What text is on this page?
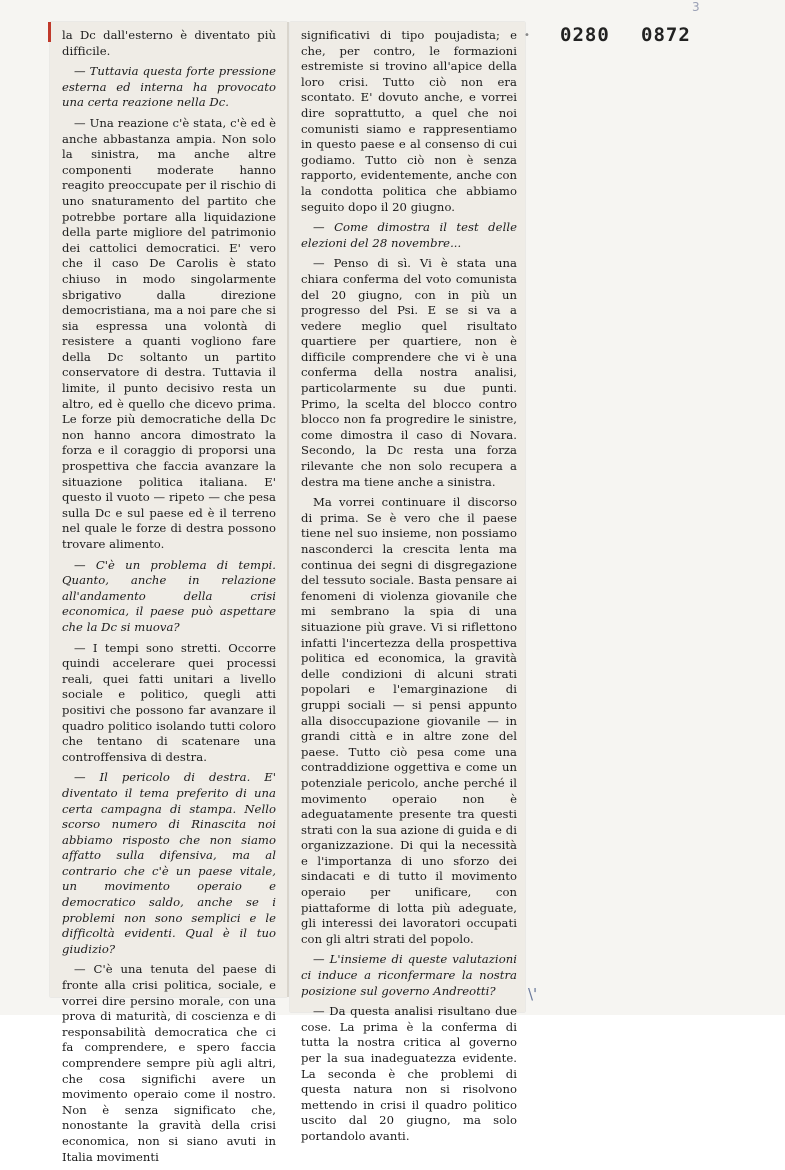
la Dc dall'esterno è diventato più difficile.

— Tuttavia questa forte pressione esterna ed interna ha provocato una certa reazione nella Dc.

— Una reazione c'è stata, c'è ed è anche abbastanza ampia. Non solo la sinistra, ma anche altre componenti moderate hanno reagito preoccupate per il rischio di uno snaturamento del partito che potrebbe portare alla liquidazione della parte migliore del patrimonio dei cattolici democratici. E' vero che il caso De Carolis è stato chiuso in modo singolarmente sbrigativo dalla direzione democristiana, ma a noi pare che si sia espressa una volontà di resistere a quanti vogliono fare della Dc soltanto un partito conservatore di destra. Tuttavia il limite, il punto decisivo resta un altro, ed è quello che dicevo prima. Le forze più democratiche della Dc non hanno ancora dimostrato la forza e il coraggio di proporsi una prospettiva che faccia avanzare la situazione politica italiana. E' questo il vuoto — ripeto — che pesa sulla Dc e sul paese ed è il terreno nel quale le forze di destra possono trovare alimento.

— C'è un problema di tempi. Quanto, anche in relazione all'andamento della crisi economica, il paese può aspettare che la Dc si muova?

— I tempi sono stretti. Occorre quindi accelerare quei processi reali, quei fatti unitari a livello sociale e politico, quegli atti positivi che possono far avanzare il quadro politico isolando tutti coloro che tentano di scatenare una controffensiva di destra.

— Il pericolo di destra. E' diventato il tema preferito di una certa campagna di stampa. Nello scorso numero di Rinascita noi abbiamo risposto che non siamo affatto sulla difensiva, ma al contrario che c'è un paese vitale, un movimento operaio e democratico saldo, anche se i problemi non sono semplici e le difficoltà evidenti. Qual è il tuo giudizio?

— C'è una tenuta del paese di fronte alla crisi politica, sociale, e vorrei dire persino morale, con una prova di maturità, di coscienza e di responsabilità democratica che ci fa comprendere, e spero faccia comprendere sempre più agli altri, che cosa significhi avere un movimento operaio come il nostro. Non è senza significato che, nonostante la gravità della crisi economica, non si siano avuti in Italia movimenti

significativi di tipo poujadista; e che, per contro, le formazioni estremiste si trovino all'apice della loro crisi. Tutto ciò non era scontato. E' dovuto anche, e vorrei dire soprattutto, a quel che noi comunisti siamo e rappresentiamo in questo paese e al consenso di cui godiamo. Tutto ciò non è senza rapporto, evidentemente, anche con la condotta politica che abbiamo seguito dopo il 20 giugno.

— Come dimostra il test delle elezioni del 28 novembre...

— Penso di sì. Vi è stata una chiara conferma del voto comunista del 20 giugno, con in più un progresso del Psi. E se si va a vedere meglio quel risultato quartiere per quartiere, non è difficile comprendere che vi è una conferma della nostra analisi, particolarmente su due punti. Primo, la scelta del blocco contro blocco non fa progredire le sinistre, come dimostra il caso di Novara. Secondo, la Dc resta una forza rilevante che non solo recupera a destra ma tiene anche a sinistra.

Ma vorrei continuare il discorso di prima. Se è vero che il paese tiene nel suo insieme, non possiamo nasconderci la crescita lenta ma continua dei segni di disgregazione del tessuto sociale. Basta pensare ai fenomeni di violenza giovanile che mi sembrano la spia di una situazione più grave. Vi si riflettono infatti l'incertezza della prospettiva politica ed economica, la gravità delle condizioni di alcuni strati popolari e l'emarginazione di gruppi sociali — si pensi appunto alla disoccupazione giovanile — in grandi città e in altre zone del paese. Tutto ciò pesa come una contraddizione oggettiva e come un potenziale pericolo, anche perché il movimento operaio non è adeguatamente presente tra questi strati con la sua azione di guida e di organizzazione. Di qui la necessità e l'importanza di uno sforzo dei sindacati e di tutto il movimento operaio per unificare, con piattaforme di lotta più adeguate, gli interessi dei lavoratori occupati con gli altri strati del popolo.

— L'insieme di queste valutazioni ci induce a riconfermare la nostra posizione sul governo Andreotti?

— Da questa analisi risultano due cose. La prima è la conferma di tutta la nostra critica al governo per la sua inadeguatezza evidente. La seconda è che problemi di questa natura non si risolvono mettendo in crisi il quadro politico uscito dal 20 giugno, ma solo portandolo avanti.

0280 0872
3
•
\'
